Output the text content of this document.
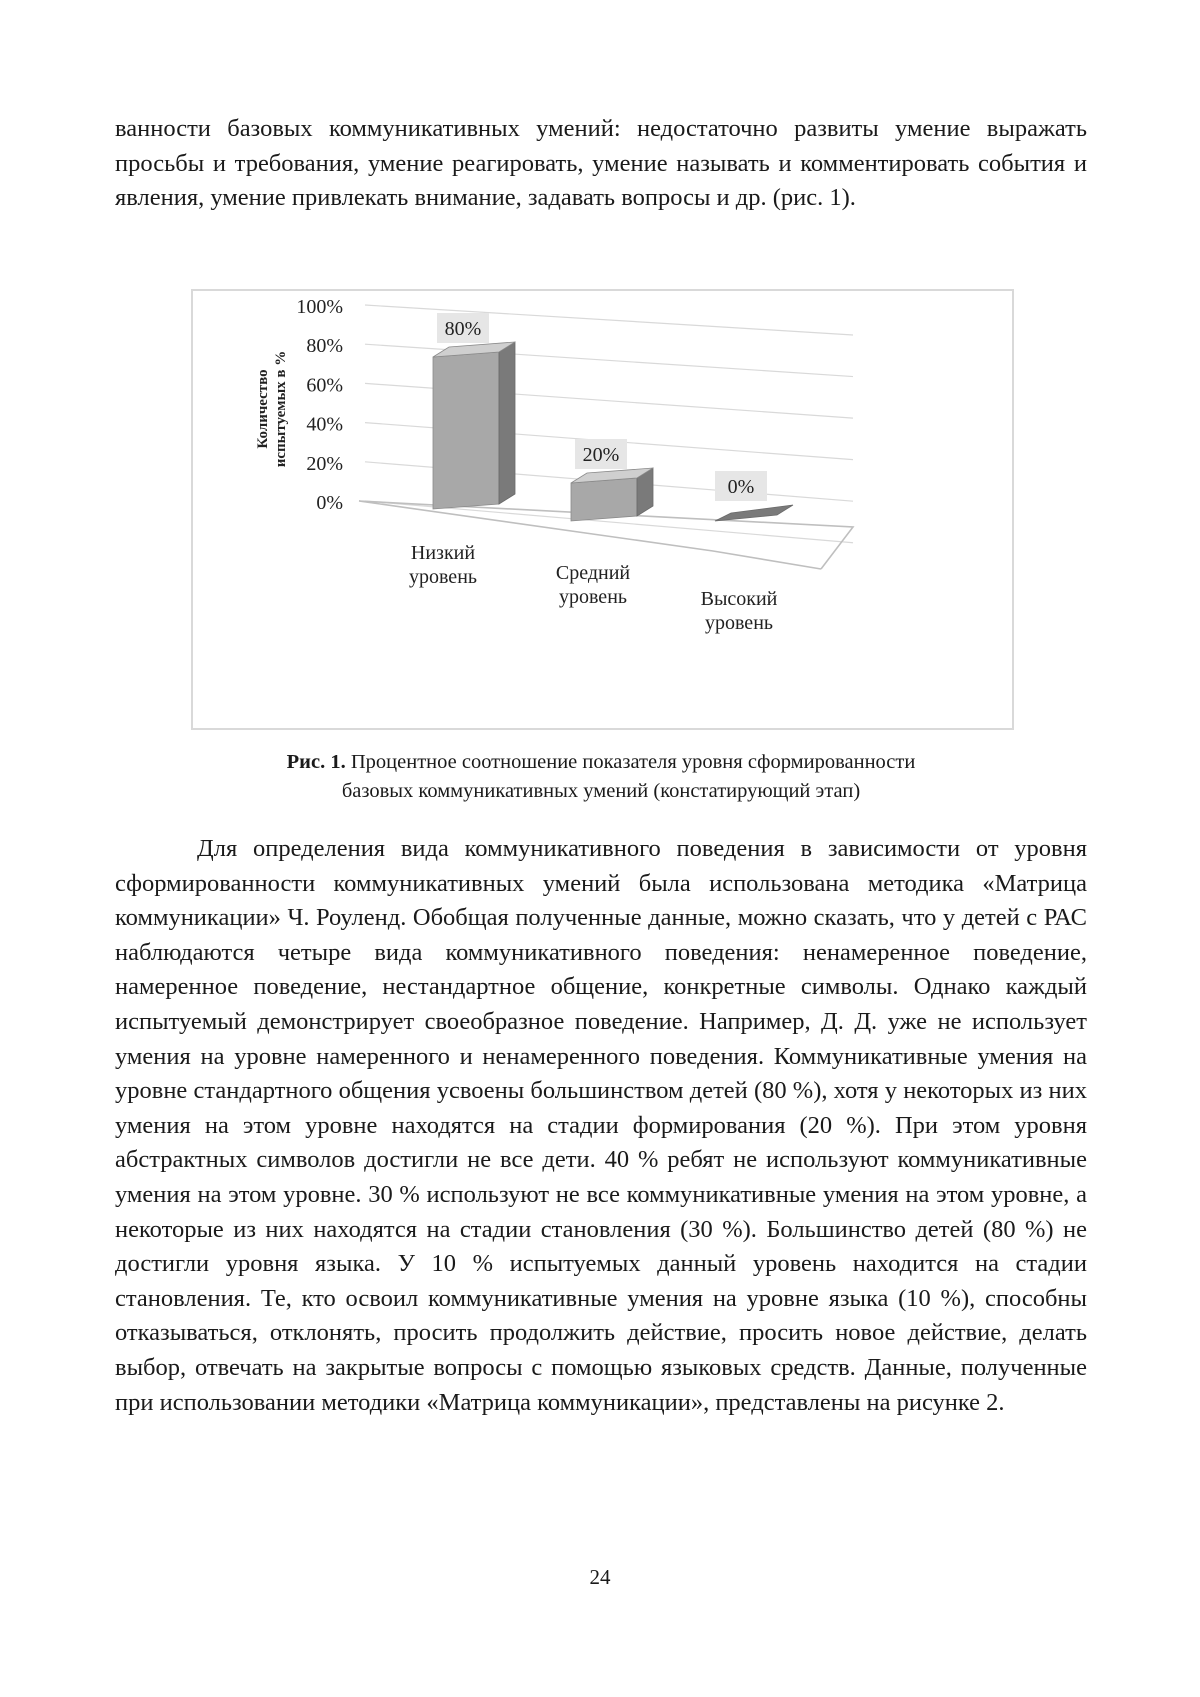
ванности базовых коммуникативных умений: недостаточно развиты умение выражать просьбы и требования, умение реагировать, умение называть и комментировать события и явления, умение привлекать внимание, задавать вопросы и др. (рис. 1).
0%
20%
40%
60%
80%
100%
Количество испытуемых в %
80%
20%
0%
Низкий
уровень	Средний
уровень	Высокий
уровень
Рис. 1. Процентное соотношение показателя уровня сформированности
базовых коммуникативных умений (констатирующий этап)
Для определения вида коммуникативного поведения в зависимости от уровня сформированности коммуникативных умений была использована методика «Матрица коммуникации» Ч. Роуленд. Обобщая полученные данные, можно сказать, что у детей с РАС наблюдаются четыре вида коммуникативного поведения: ненамеренное поведение, намеренное поведение, нестандартное общение, конкретные символы. Однако каждый испытуемый демонстрирует своеобразное поведение. Например, Д. Д. уже не использует умения на уровне намеренного и ненамеренного поведения. Коммуникативные умения на уровне стандартного общения усвоены большинством детей (80 %), хотя у некоторых из них умения на этом уровне находятся на стадии формирования (20 %). При этом уровня абстрактных символов достигли не все дети. 40 % ребят не используют коммуникативные умения на этом уровне. 30 % используют не все коммуникативные умения на этом уровне, а некоторые из них находятся на стадии становления (30 %). Большинство детей (80 %) не достигли уровня языка. У 10 % испытуемых данный уровень находится на стадии становления. Те, кто освоил коммуникативные умения на уровне языка (10 %), способны отказываться, отклонять, просить продолжить действие, просить новое действие, делать выбор, отвечать на закрытые вопросы с помощью языковых средств. Данные, полученные при использовании методики «Матрица коммуникации», представлены на рисунке 2.
24
